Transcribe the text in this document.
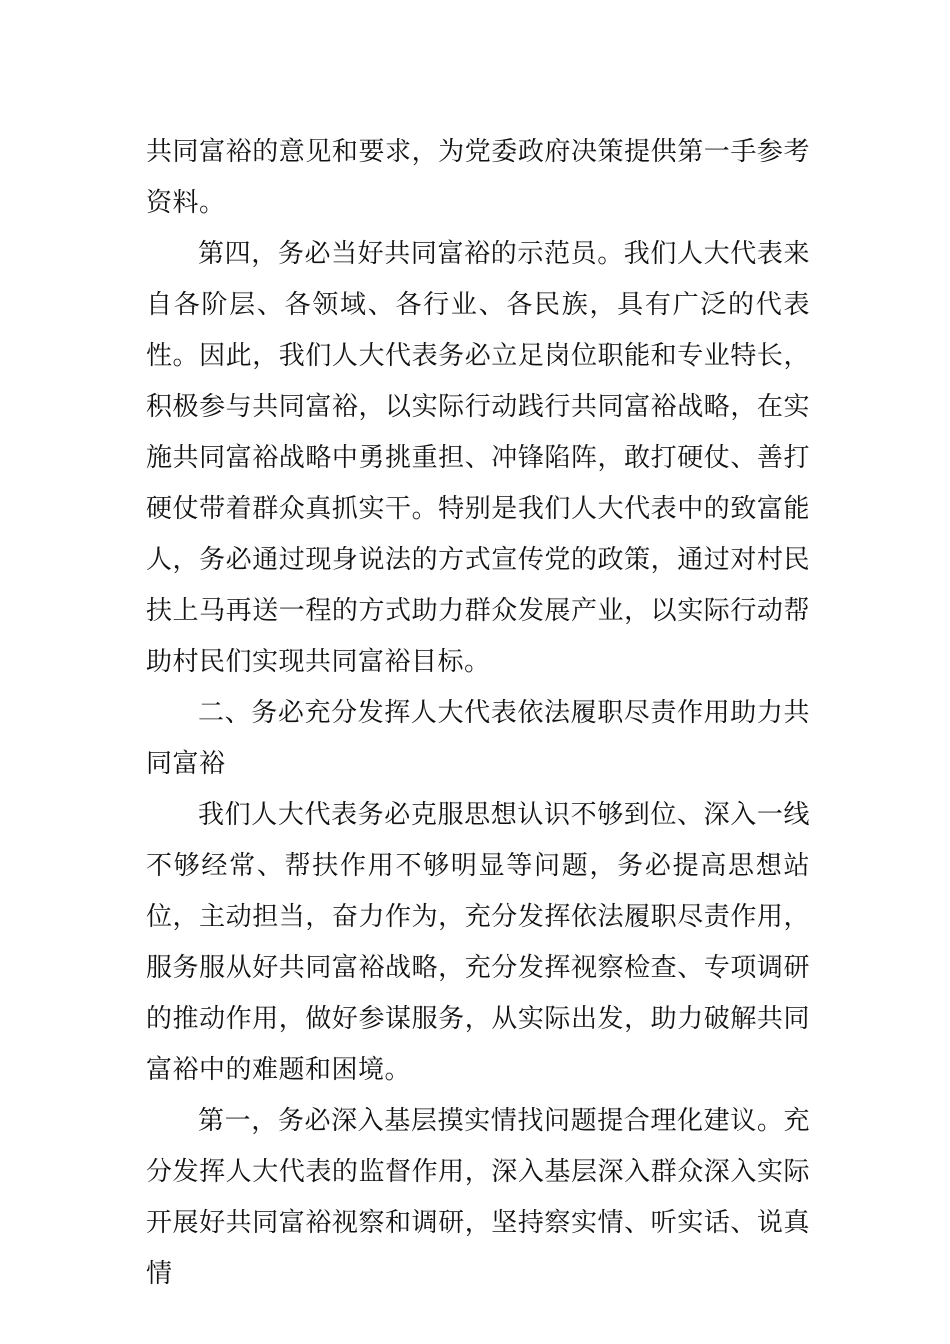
共同富裕的意见和要求，为党委政府决策提供第一手参考资料。

第四，务必当好共同富裕的示范员。我们人大代表来自各阶层、各领域、各行业、各民族，具有广泛的代表性。因此，我们人大代表务必立足岗位职能和专业特长，积极参与共同富裕，以实际行动践行共同富裕战略，在实施共同富裕战略中勇挑重担、冲锋陷阵，敢打硬仗、善打硬仗带着群众真抓实干。特别是我们人大代表中的致富能人，务必通过现身说法的方式宣传党的政策，通过对村民扶上马再送一程的方式助力群众发展产业，以实际行动帮助村民们实现共同富裕目标。

二、务必充分发挥人大代表依法履职尽责作用助力共同富裕

我们人大代表务必克服思想认识不够到位、深入一线不够经常、帮扶作用不够明显等问题，务必提高思想站位，主动担当，奋力作为，充分发挥依法履职尽责作用，服务服从好共同富裕战略，充分发挥视察检查、专项调研的推动作用，做好参谋服务，从实际出发，助力破解共同富裕中的难题和困境。

第一，务必深入基层摸实情找问题提合理化建议。充分发挥人大代表的监督作用，深入基层深入群众深入实际开展好共同富裕视察和调研，坚持察实情、听实话、说真情
